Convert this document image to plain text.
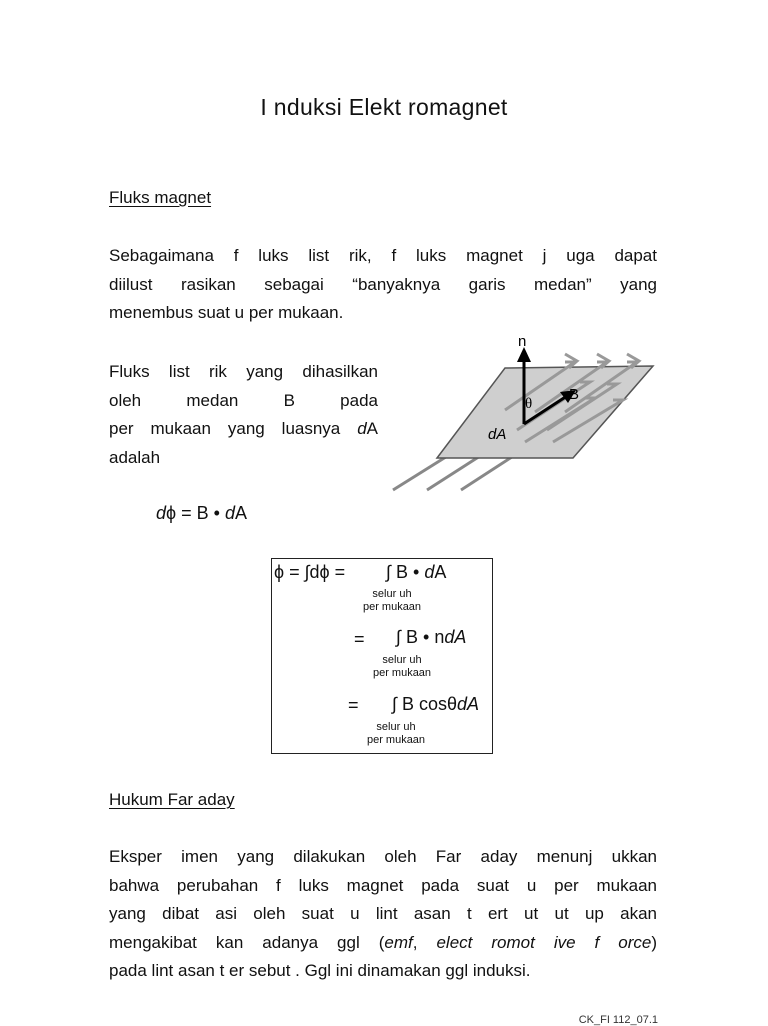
I nduksi Elekt romagnet
Fluks magnet
Sebagaimana f luks list rik, f luks magnet j uga dapat
diilust rasikan sebagai “banyaknya garis medan” yang
menembus suat u per mukaan.
Fluks list rik yang dihasilkan
oleh medan B pada
per mukaan yang luasnya dA
adalah
n
B
θ
dA
dϕ = B • dA
ϕ = ∫dϕ = ∫ B • dA
selur uh
per mukaan
= ∫ B • ndA
selur uh
per mukaan
= ∫ B cosθdA
selur uh
per mukaan
Hukum Far aday
Eksper imen yang dilakukan oleh Far aday menunj ukkan
bahwa perubahan f luks magnet pada suat u per mukaan
yang dibat asi oleh suat u lint asan t ert ut ut up akan
mengakibat kan adanya ggl (emf, elect romot ive f orce)
pada lint asan t er sebut . Ggl ini dinamakan ggl induksi.
CK_FI 112_07.1
